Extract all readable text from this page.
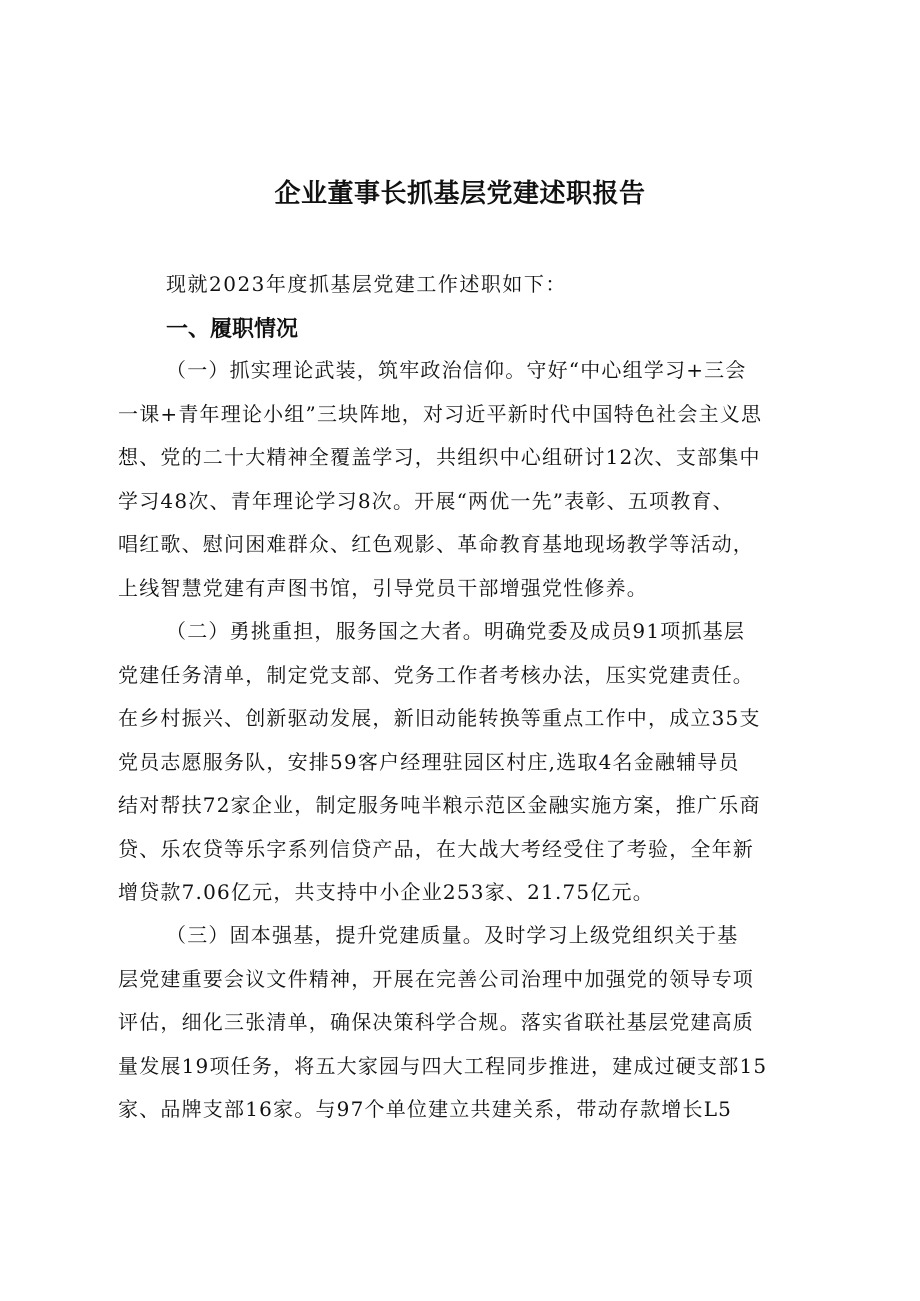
企业董事长抓基层党建述职报告
现就2023年度抓基层党建工作述职如下：
一、履职情况
（一）抓实理论武装，筑牢政治信仰。守好“中心组学习+三会
一课+青年理论小组”三块阵地，对习近平新时代中国特色社会主义思
想、党的二十大精神全覆盖学习，共组织中心组研讨12次、支部集中
学习48次、青年理论学习8次。开展“两优一先”表彰、五项教育、
唱红歌、慰问困难群众、红色观影、革命教育基地现场教学等活动，
上线智慧党建有声图书馆，引导党员干部增强党性修养。
（二）勇挑重担，服务国之大者。明确党委及成员91项抓基层
党建任务清单，制定党支部、党务工作者考核办法，压实党建责任。
在乡村振兴、创新驱动发展，新旧动能转换等重点工作中，成立35支
党员志愿服务队，安排59客户经理驻园区村庄,选取4名金融辅导员
结对帮扶72家企业，制定服务吨半粮示范区金融实施方案，推广乐商
贷、乐农贷等乐字系列信贷产品，在大战大考经受住了考验，全年新
增贷款7.06亿元，共支持中小企业253家、21.75亿元。
（三）固本强基，提升党建质量。及时学习上级党组织关于基
层党建重要会议文件精神，开展在完善公司治理中加强党的领导专项
评估，细化三张清单，确保决策科学合规。落实省联社基层党建高质
量发展19项任务，将五大家园与四大工程同步推进，建成过硬支部15
家、品牌支部16家。与97个单位建立共建关系，带动存款增长L5
